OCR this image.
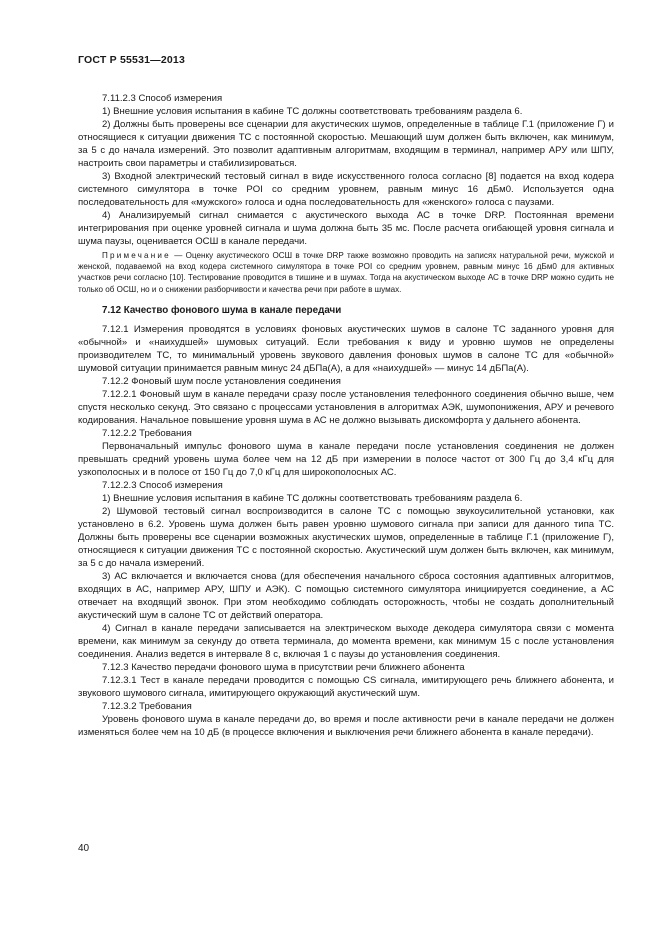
ГОСТ Р 55531—2013

7.11.2.3 Способ измерения

1) Внешние условия испытания в кабине ТС должны соответствовать требованиям раздела 6.

2) Должны быть проверены все сценарии для акустических шумов, определенные в таблице Г.1 (приложение Г) и относящиеся к ситуации движения ТС с постоянной скоростью. Мешающий шум должен быть включен, как минимум, за 5 с до начала измерений. Это позволит адаптивным алгоритмам, входящим в терминал, например АРУ или ШПУ, настроить свои параметры и стабилизироваться.

3) Входной электрический тестовый сигнал в виде искусственного голоса согласно [8] подается на вход кодера системного симулятора в точке POI со средним уровнем, равным минус 16 дБм0. Используется одна последовательность для «мужского» голоса и одна последовательность для «женского» голоса с паузами.

4) Анализируемый сигнал снимается с акустического выхода АС в точке DRP. Постоянная времени интегрирования при оценке уровней сигнала и шума должна быть 35 мс. После расчета огибающей уровня сигнала и шума паузы, оценивается ОСШ в канале передачи.

Примечание — Оценку акустического ОСШ в точке DRP также возможно проводить на записях натуральной речи, мужской и женской, подаваемой на вход кодера системного симулятора в точке POI со средним уровнем, равным минус 16 дБм0 для активных участков речи согласно [10]. Тестирование проводится в тишине и в шумах. Тогда на акустическом выходе АС в точке DRP можно судить не только об ОСШ, но и о снижении разборчивости и качества речи при работе в шумах.

7.12 Качество фонового шума в канале передачи

7.12.1 Измерения проводятся в условиях фоновых акустических шумов в салоне ТС заданного уровня для «обычной» и «наихудшей» шумовых ситуаций. Если требования к виду и уровню шумов не определены производителем ТС, то минимальный уровень звукового давления фоновых шумов в салоне ТС для «обычной» шумовой ситуации принимается равным минус 24 дБПа(А), а для «наихудшей» — минус 14 дБПа(А).

7.12.2 Фоновый шум после установления соединения

7.12.2.1 Фоновый шум в канале передачи сразу после установления телефонного соединения обычно выше, чем спустя несколько секунд. Это связано с процессами установления в алгоритмах АЭК, шумопонижения, АРУ и речевого кодирования. Начальное повышение уровня шума в АС не должно вызывать дискомфорта у дальнего абонента.

7.12.2.2 Требования

Первоначальный импульс фонового шума в канале передачи после установления соединения не должен превышать средний уровень шума более чем на 12 дБ при измерении в полосе частот от 300 Гц до 3,4 кГц для узкополосных и в полосе от 150 Гц до 7,0 кГц для широкополосных АС.

7.12.2.3 Способ измерения

1) Внешние условия испытания в кабине ТС должны соответствовать требованиям раздела 6.

2) Шумовой тестовый сигнал воспроизводится в салоне ТС с помощью звукоусилительной установки, как установлено в 6.2. Уровень шума должен быть равен уровню шумового сигнала при записи для данного типа ТС. Должны быть проверены все сценарии возможных акустических шумов, определенные в таблице Г.1 (приложение Г), относящиеся к ситуации движения ТС с постоянной скоростью. Акустический шум должен быть включен, как минимум, за 5 с до начала измерений.

3) АС включается и включается снова (для обеспечения начального сброса состояния адаптивных алгоритмов, входящих в АС, например АРУ, ШПУ и АЭК). С помощью системного симулятора инициируется соединение, а АС отвечает на входящий звонок. При этом необходимо соблюдать осторожность, чтобы не создать дополнительный акустический шум в салоне ТС от действий оператора.

4) Сигнал в канале передачи записывается на электрическом выходе декодера симулятора связи с момента времени, как минимум за секунду до ответа терминала, до момента времени, как минимум 15 с после установления соединения. Анализ ведется в интервале 8 с, включая 1 с паузы до установления соединения.

7.12.3 Качество передачи фонового шума в присутствии речи ближнего абонента

7.12.3.1 Тест в канале передачи проводится с помощью CS сигнала, имитирующего речь ближнего абонента, и звукового шумового сигнала, имитирующего окружающий акустический шум.

7.12.3.2 Требования

Уровень фонового шума в канале передачи до, во время и после активности речи в канале передачи не должен изменяться более чем на 10 дБ (в процессе включения и выключения речи ближнего абонента в канале передачи).

40
